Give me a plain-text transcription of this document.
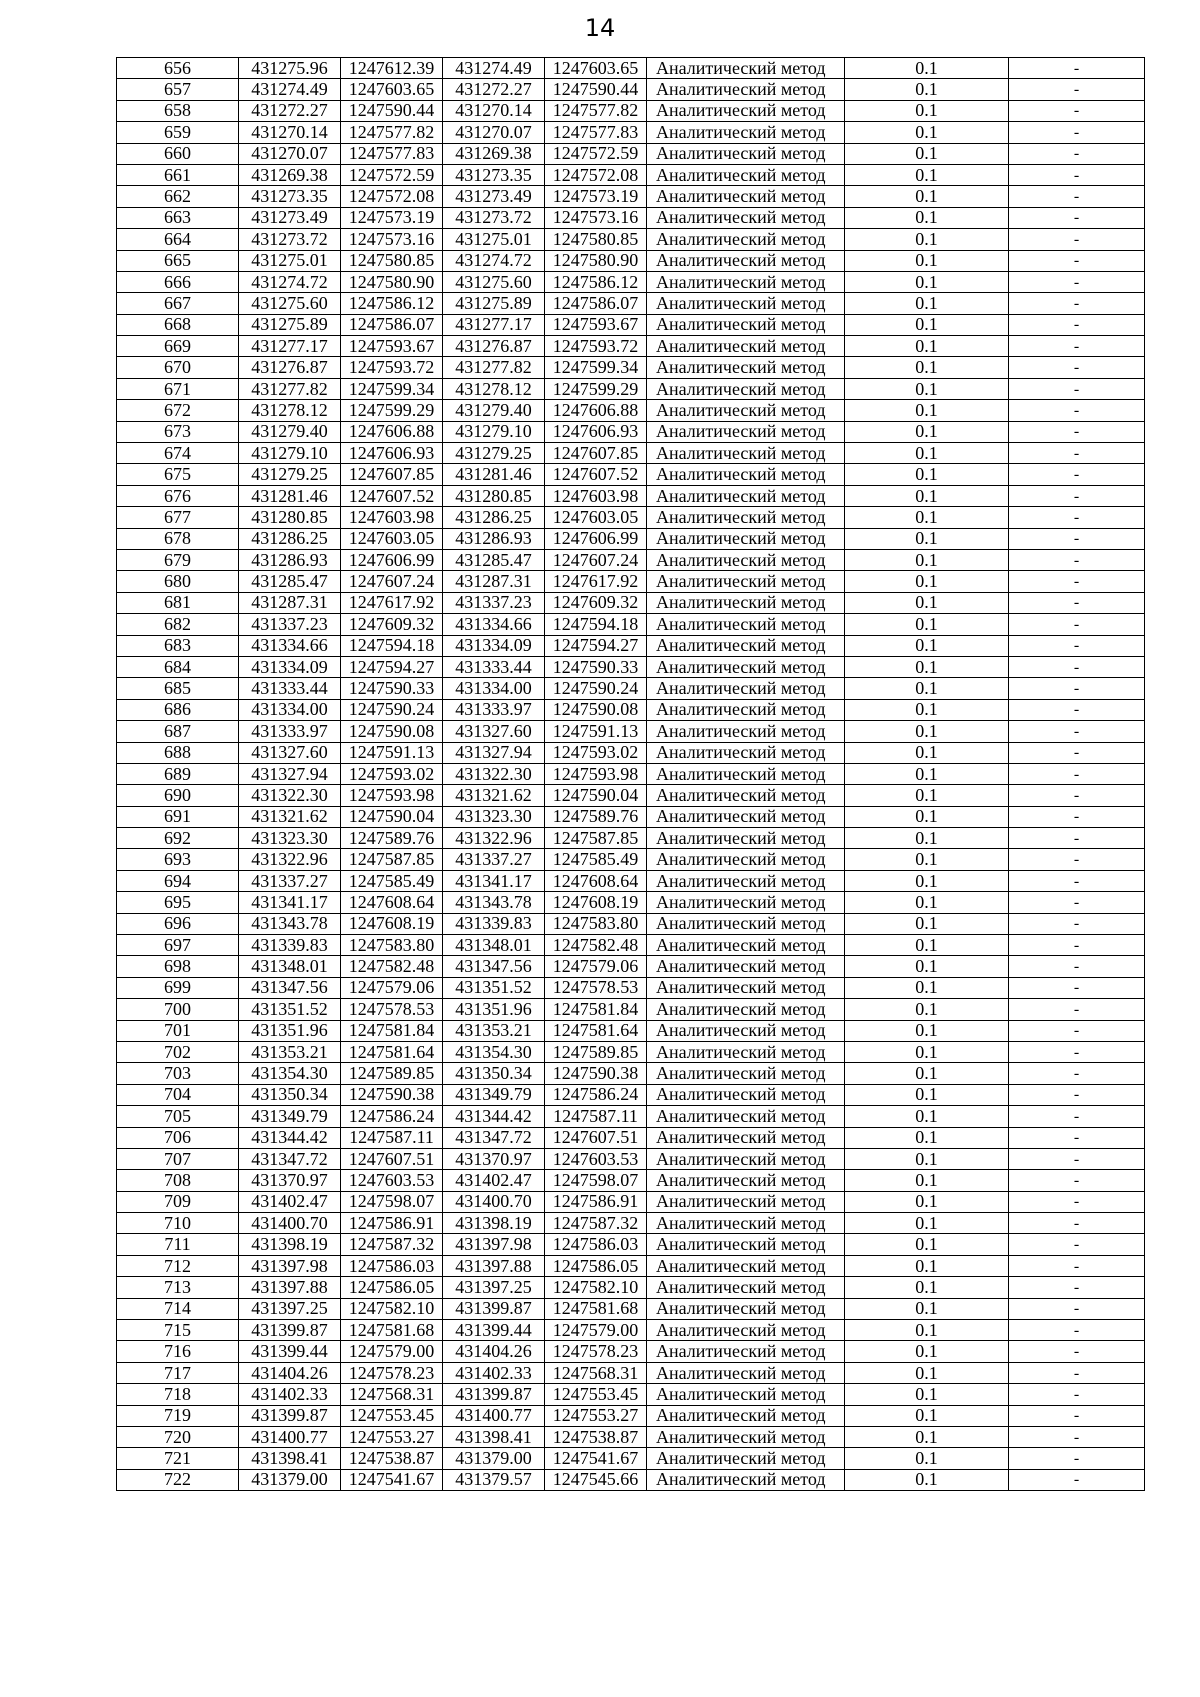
14
656	431275.96	1247612.39	431274.49	1247603.65	Аналитический метод	0.1	-
657	431274.49	1247603.65	431272.27	1247590.44	Аналитический метод	0.1	-
658	431272.27	1247590.44	431270.14	1247577.82	Аналитический метод	0.1	-
659	431270.14	1247577.82	431270.07	1247577.83	Аналитический метод	0.1	-
660	431270.07	1247577.83	431269.38	1247572.59	Аналитический метод	0.1	-
661	431269.38	1247572.59	431273.35	1247572.08	Аналитический метод	0.1	-
662	431273.35	1247572.08	431273.49	1247573.19	Аналитический метод	0.1	-
663	431273.49	1247573.19	431273.72	1247573.16	Аналитический метод	0.1	-
664	431273.72	1247573.16	431275.01	1247580.85	Аналитический метод	0.1	-
665	431275.01	1247580.85	431274.72	1247580.90	Аналитический метод	0.1	-
666	431274.72	1247580.90	431275.60	1247586.12	Аналитический метод	0.1	-
667	431275.60	1247586.12	431275.89	1247586.07	Аналитический метод	0.1	-
668	431275.89	1247586.07	431277.17	1247593.67	Аналитический метод	0.1	-
669	431277.17	1247593.67	431276.87	1247593.72	Аналитический метод	0.1	-
670	431276.87	1247593.72	431277.82	1247599.34	Аналитический метод	0.1	-
671	431277.82	1247599.34	431278.12	1247599.29	Аналитический метод	0.1	-
672	431278.12	1247599.29	431279.40	1247606.88	Аналитический метод	0.1	-
673	431279.40	1247606.88	431279.10	1247606.93	Аналитический метод	0.1	-
674	431279.10	1247606.93	431279.25	1247607.85	Аналитический метод	0.1	-
675	431279.25	1247607.85	431281.46	1247607.52	Аналитический метод	0.1	-
676	431281.46	1247607.52	431280.85	1247603.98	Аналитический метод	0.1	-
677	431280.85	1247603.98	431286.25	1247603.05	Аналитический метод	0.1	-
678	431286.25	1247603.05	431286.93	1247606.99	Аналитический метод	0.1	-
679	431286.93	1247606.99	431285.47	1247607.24	Аналитический метод	0.1	-
680	431285.47	1247607.24	431287.31	1247617.92	Аналитический метод	0.1	-
681	431287.31	1247617.92	431337.23	1247609.32	Аналитический метод	0.1	-
682	431337.23	1247609.32	431334.66	1247594.18	Аналитический метод	0.1	-
683	431334.66	1247594.18	431334.09	1247594.27	Аналитический метод	0.1	-
684	431334.09	1247594.27	431333.44	1247590.33	Аналитический метод	0.1	-
685	431333.44	1247590.33	431334.00	1247590.24	Аналитический метод	0.1	-
686	431334.00	1247590.24	431333.97	1247590.08	Аналитический метод	0.1	-
687	431333.97	1247590.08	431327.60	1247591.13	Аналитический метод	0.1	-
688	431327.60	1247591.13	431327.94	1247593.02	Аналитический метод	0.1	-
689	431327.94	1247593.02	431322.30	1247593.98	Аналитический метод	0.1	-
690	431322.30	1247593.98	431321.62	1247590.04	Аналитический метод	0.1	-
691	431321.62	1247590.04	431323.30	1247589.76	Аналитический метод	0.1	-
692	431323.30	1247589.76	431322.96	1247587.85	Аналитический метод	0.1	-
693	431322.96	1247587.85	431337.27	1247585.49	Аналитический метод	0.1	-
694	431337.27	1247585.49	431341.17	1247608.64	Аналитический метод	0.1	-
695	431341.17	1247608.64	431343.78	1247608.19	Аналитический метод	0.1	-
696	431343.78	1247608.19	431339.83	1247583.80	Аналитический метод	0.1	-
697	431339.83	1247583.80	431348.01	1247582.48	Аналитический метод	0.1	-
698	431348.01	1247582.48	431347.56	1247579.06	Аналитический метод	0.1	-
699	431347.56	1247579.06	431351.52	1247578.53	Аналитический метод	0.1	-
700	431351.52	1247578.53	431351.96	1247581.84	Аналитический метод	0.1	-
701	431351.96	1247581.84	431353.21	1247581.64	Аналитический метод	0.1	-
702	431353.21	1247581.64	431354.30	1247589.85	Аналитический метод	0.1	-
703	431354.30	1247589.85	431350.34	1247590.38	Аналитический метод	0.1	-
704	431350.34	1247590.38	431349.79	1247586.24	Аналитический метод	0.1	-
705	431349.79	1247586.24	431344.42	1247587.11	Аналитический метод	0.1	-
706	431344.42	1247587.11	431347.72	1247607.51	Аналитический метод	0.1	-
707	431347.72	1247607.51	431370.97	1247603.53	Аналитический метод	0.1	-
708	431370.97	1247603.53	431402.47	1247598.07	Аналитический метод	0.1	-
709	431402.47	1247598.07	431400.70	1247586.91	Аналитический метод	0.1	-
710	431400.70	1247586.91	431398.19	1247587.32	Аналитический метод	0.1	-
711	431398.19	1247587.32	431397.98	1247586.03	Аналитический метод	0.1	-
712	431397.98	1247586.03	431397.88	1247586.05	Аналитический метод	0.1	-
713	431397.88	1247586.05	431397.25	1247582.10	Аналитический метод	0.1	-
714	431397.25	1247582.10	431399.87	1247581.68	Аналитический метод	0.1	-
715	431399.87	1247581.68	431399.44	1247579.00	Аналитический метод	0.1	-
716	431399.44	1247579.00	431404.26	1247578.23	Аналитический метод	0.1	-
717	431404.26	1247578.23	431402.33	1247568.31	Аналитический метод	0.1	-
718	431402.33	1247568.31	431399.87	1247553.45	Аналитический метод	0.1	-
719	431399.87	1247553.45	431400.77	1247553.27	Аналитический метод	0.1	-
720	431400.77	1247553.27	431398.41	1247538.87	Аналитический метод	0.1	-
721	431398.41	1247538.87	431379.00	1247541.67	Аналитический метод	0.1	-
722	431379.00	1247541.67	431379.57	1247545.66	Аналитический метод	0.1	-
